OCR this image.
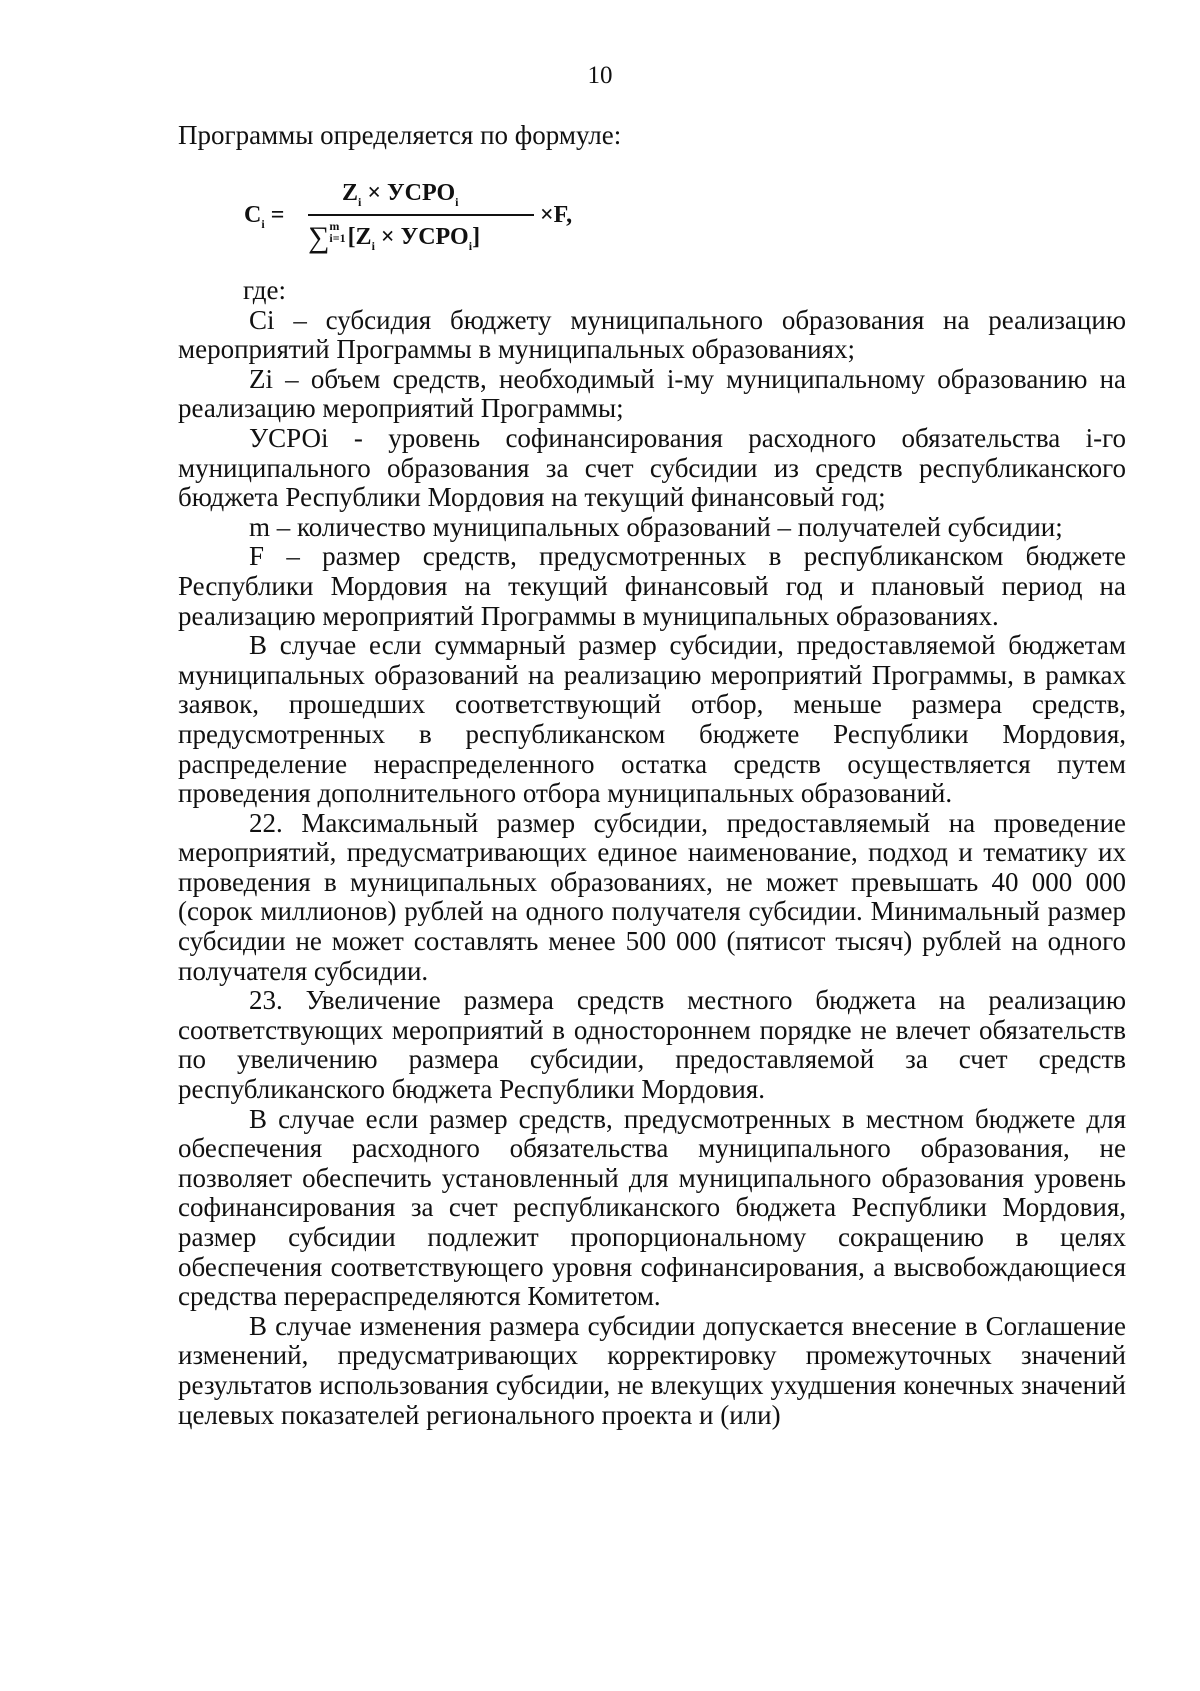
10
Программы определяется по формуле:
$C_i$ =
$Z_i$ × $УСРО_i$
∑m
$i=1[Z_i$ × $УСРО_i$]
×F,

где:

Ci – субсидия бюджету муниципального образования на реализацию мероприятий Программы в муниципальных образованиях;

Zi – объем средств, необходимый i-му муниципальному образованию на реализацию мероприятий Программы;

УСРОi - уровень софинансирования расходного обязательства i-го муниципального образования за счет субсидии из средств республиканского бюджета Республики Мордовия на текущий финансовый год;

m – количество муниципальных образований – получателей субсидии;

F – размер средств, предусмотренных в республиканском бюджете Республики Мордовия на текущий финансовый год и плановый период на реализацию мероприятий Программы в муниципальных образованиях.

В случае если суммарный размер субсидии, предоставляемой бюджетам муниципальных образований на реализацию мероприятий Программы, в рамках заявок, прошедших соответствующий отбор, меньше размера средств, предусмотренных в республиканском бюджете Республики Мордовия, распределение нераспределенного остатка средств осуществляется путем проведения дополнительного отбора муниципальных образований.

22. Максимальный размер субсидии, предоставляемый на проведение мероприятий, предусматривающих единое наименование, подход и тематику их проведения в муниципальных образованиях, не может превышать 40 000 000 (сорок миллионов) рублей на одного получателя субсидии. Минимальный размер субсидии не может составлять менее 500 000 (пятисот тысяч) рублей на одного получателя субсидии.

23. Увеличение размера средств местного бюджета на реализацию соответствующих мероприятий в одностороннем порядке не влечет обязательств по увеличению размера субсидии, предоставляемой за счет средств республиканского бюджета Республики Мордовия.

В случае если размер средств, предусмотренных в местном бюджете для обеспечения расходного обязательства муниципального образования, не позволяет обеспечить установленный для муниципального образования уровень софинансирования за счет республиканского бюджета Республики Мордовия, размер субсидии подлежит пропорциональному сокращению в целях обеспечения соответствующего уровня софинансирования, а высвобождающиеся средства перераспределяются Комитетом.

В случае изменения размера субсидии допускается внесение в Соглашение изменений, предусматривающих корректировку промежуточных значений результатов использования субсидии, не влекущих ухудшения конечных значений целевых показателей регионального проекта и (или)
